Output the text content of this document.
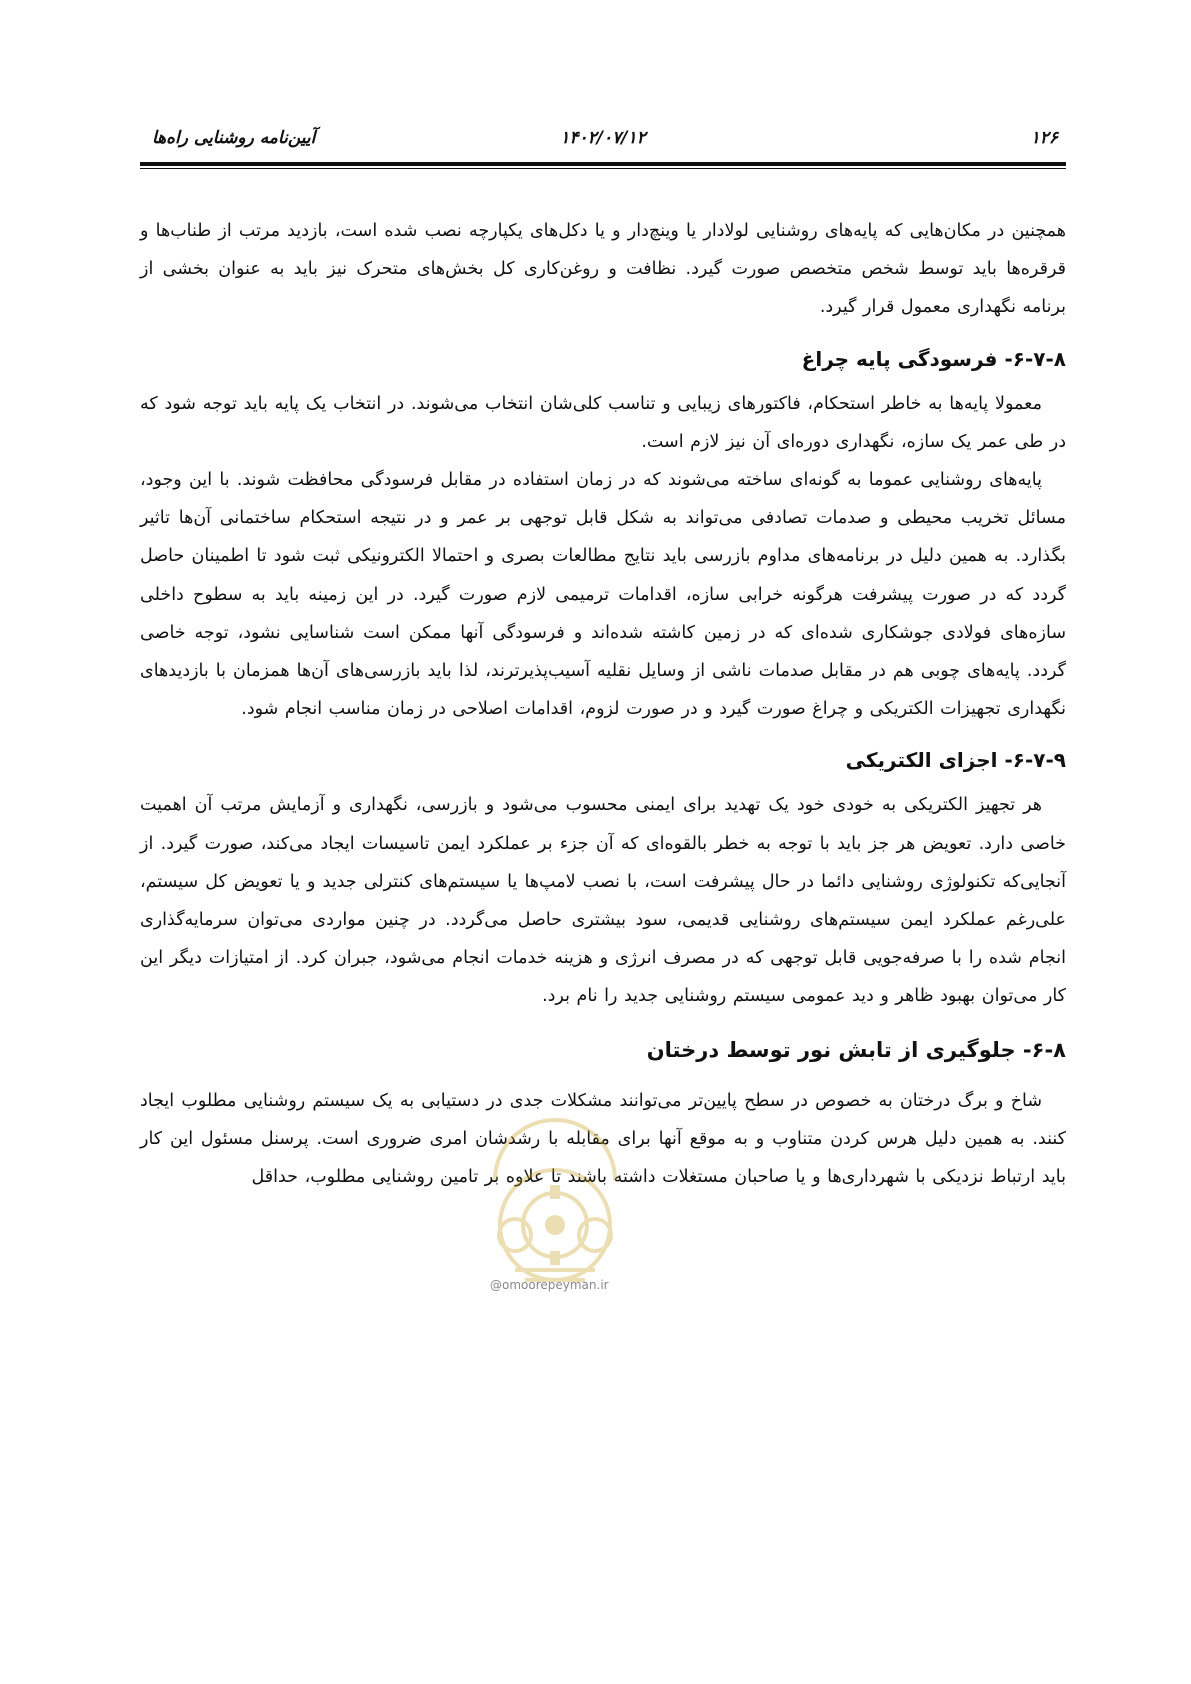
۱۲۶
۱۴۰۲/۰۷/۱۲
آیین‌نامه روشنایی راه‌ها

همچنین در مکان‌هایی که پایه‌های روشنایی لولادار یا وینچ‌دار و یا دکل‌های یکپارچه نصب شده است، بازدید مرتب از طناب‌ها و قرقره‌ها باید توسط شخص متخصص صورت گیرد. نظافت و روغن‌کاری کل بخش‌های متحرک نیز باید به عنوان بخشی از برنامه نگهداری معمول قرار گیرد.

۶-۷-۸- فرسودگی پایه چراغ

معمولا پایه‌ها به خاطر استحکام، فاکتورهای زیبایی و تناسب کلی‌شان انتخاب می‌شوند. در انتخاب یک پایه باید توجه شود که در طی عمر یک سازه، نگهداری دوره‌ای آن نیز لازم است.

پایه‌های روشنایی عموما به گونه‌ای ساخته می‌شوند که در زمان استفاده در مقابل فرسودگی محافظت شوند. با این وجود، مسائل تخریب محیطی و صدمات تصادفی می‌تواند به شکل قابل توجهی بر عمر و در نتیجه استحکام ساختمانی آن‌ها تاثیر بگذارد. به همین دلیل در برنامه‌های مداوم بازرسی باید نتایج مطالعات بصری و احتمالا الکترونیکی ثبت شود تا اطمینان حاصل گردد که در صورت پیشرفت هرگونه خرابی سازه، اقدامات ترمیمی لازم صورت گیرد. در این زمینه باید به سطوح داخلی سازه‌های فولادی جوشکاری شده‌ای که در زمین کاشته شده‌اند و فرسودگی آنها ممکن است شناسایی نشود، توجه خاصی گردد. پایه‌های چوبی هم در مقابل صدمات ناشی از وسایل نقلیه آسیب‌پذیرترند، لذا باید بازرسی‌های آن‌ها همزمان با بازدیدهای نگهداری تجهیزات الکتریکی و چراغ صورت گیرد و در صورت لزوم، اقدامات اصلاحی در زمان مناسب انجام شود.

۶-۷-۹- اجزای الکتریکی

هر تجهیز الکتریکی به خودی خود یک تهدید برای ایمنی محسوب می‌شود و بازرسی، نگهداری و آزمایش مرتب آن اهمیت خاصی دارد. تعویض هر جز باید با توجه به خطر بالقوه‌ای که آن جزء بر عملکرد ایمن تاسیسات ایجاد می‌کند، صورت گیرد. از آنجایی‌که تکنولوژی روشنایی دائما در حال پیشرفت است، با نصب لامپ‌ها یا سیستم‌های کنترلی جدید و یا تعویض کل سیستم، علی‌رغم عملکرد ایمن سیستم‌های روشنایی قدیمی، سود بیشتری حاصل می‌گردد. در چنین مواردی می‌توان سرمایه‌گذاری انجام شده را با صرفه‌جویی قابل توجهی که در مصرف انرژی و هزینه خدمات انجام می‌شود، جبران کرد. از امتیازات دیگر این کار می‌توان بهبود ظاهر و دید عمومی سیستم روشنایی جدید را نام برد.

۶-۸- جلوگیری از تابش نور توسط درختان

شاخ و برگ درختان به خصوص در سطح پایین‌تر می‌توانند مشکلات جدی در دستیابی به یک سیستم روشنایی مطلوب ایجاد کنند. به همین دلیل هرس کردن متناوب و به موقع آنها برای مقابله با رشدشان امری ضروری است. پرسنل مسئول این کار باید ارتباط نزدیکی با شهرداری‌ها و یا صاحبان مستغلات داشته باشند تا علاوه بر تامین روشنایی مطلوب، حداقل

@omoorepeyman.ir
